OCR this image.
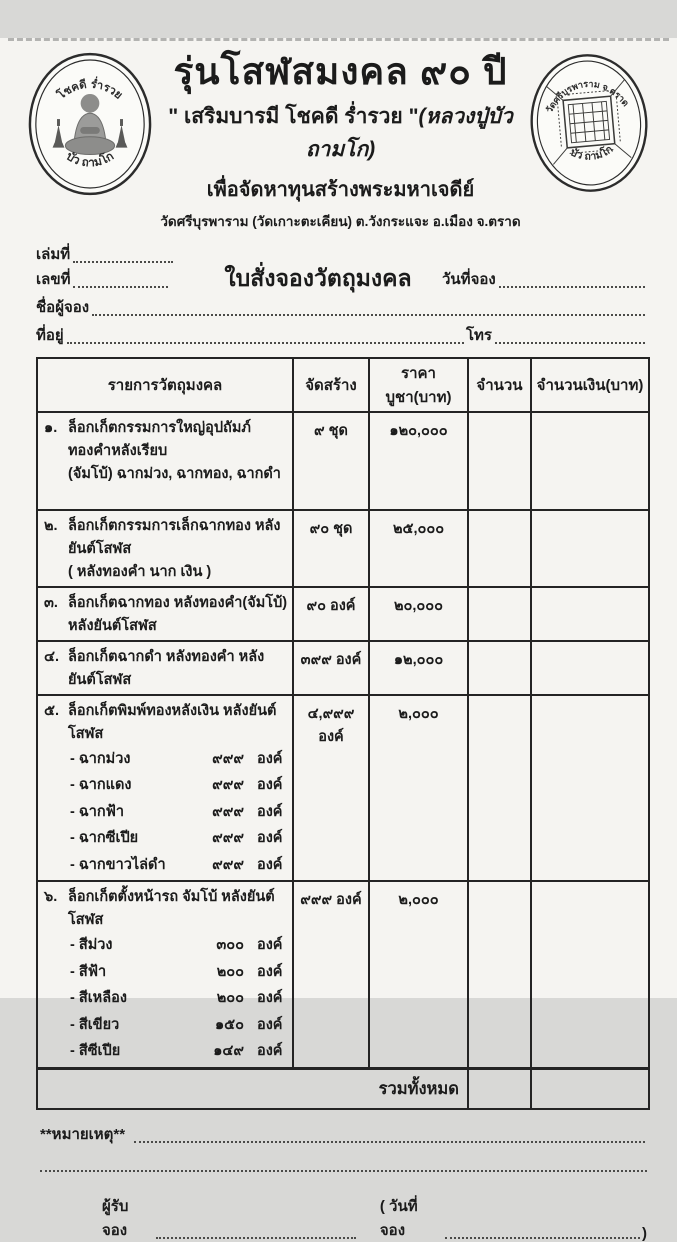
โชคดี ร่ำรวย
บัว ถามโก
รุ่นโสฬสมงคล ๙๐ ปี
" เสริมบารมี โชคดี ร่ำรวย "(หลวงปู่บัว ถามโก)
เพื่อจัดหาทุนสร้างพระมหาเจดีย์
วัดศรีบุรพาราม (วัดเกาะตะเคียน) ต.วังกระแจะ อ.เมือง จ.ตราด
วัดศรีบุรพาราม จ.ตราด
บัว ถามโก
เล่มที่
เลขที่	ใบสั่งจองวัตถุมงคล	วันที่จอง
ชื่อผู้จอง
ที่อยู่	โทร
รายการวัตถุมงคล	จัดสร้าง	ราคาบูชา(บาท)	จำนวน	จำนวนเงิน(บาท)

๑. ล็อกเก็ตกรรมการใหญ่อุปถัมภ์ ทองคำหลังเรียบ
(จัมโบ้) ฉากม่วง, ฉากทอง, ฉากดำ	๙ ชุด	๑๒๐,๐๐๐		

๒. ล็อกเก็ตกรรมการเล็กฉากทอง หลังยันต์โสฬส
( หลังทองคำ นาก เงิน )	๙๐ ชุด	๒๕,๐๐๐		

๓. ล็อกเก็ตฉากทอง หลังทองคำ(จัมโบ้) หลังยันต์โสฬส	๙๐ องค์	๒๐,๐๐๐		

๔. ล็อกเก็ตฉากดำ หลังทองคำ หลังยันต์โสฬส	๓๙๙ องค์	๑๒,๐๐๐		

๕. ล็อกเก็ตพิมพ์ทองหลังเงิน หลังยันต์โสฬส
- ฉากม่วง	๙๙๙ องค์
- ฉากแดง	๙๙๙ องค์
- ฉากฟ้า	๙๙๙ องค์
- ฉากซีเปีย	๙๙๙ องค์
- ฉากขาวไล่ดำ	๙๙๙ องค์
	๔,๙๙๙ องค์	๒,๐๐๐		

๖. ล็อกเก็ตตั้งหน้ารถ จัมโบ้ หลังยันต์โสฬส
- สีม่วง	๓๐๐ องค์
- สีฟ้า	๒๐๐ องค์
- สีเหลือง	๒๐๐ องค์
- สีเขียว	๑๕๐ องค์
- สีซีเปีย	๑๔๙ องค์
	๙๙๙ องค์	๒,๐๐๐		
รวมทั้งหมด				
**หมายเหตุ**
ผู้รับจอง
( วันที่จอง	)
